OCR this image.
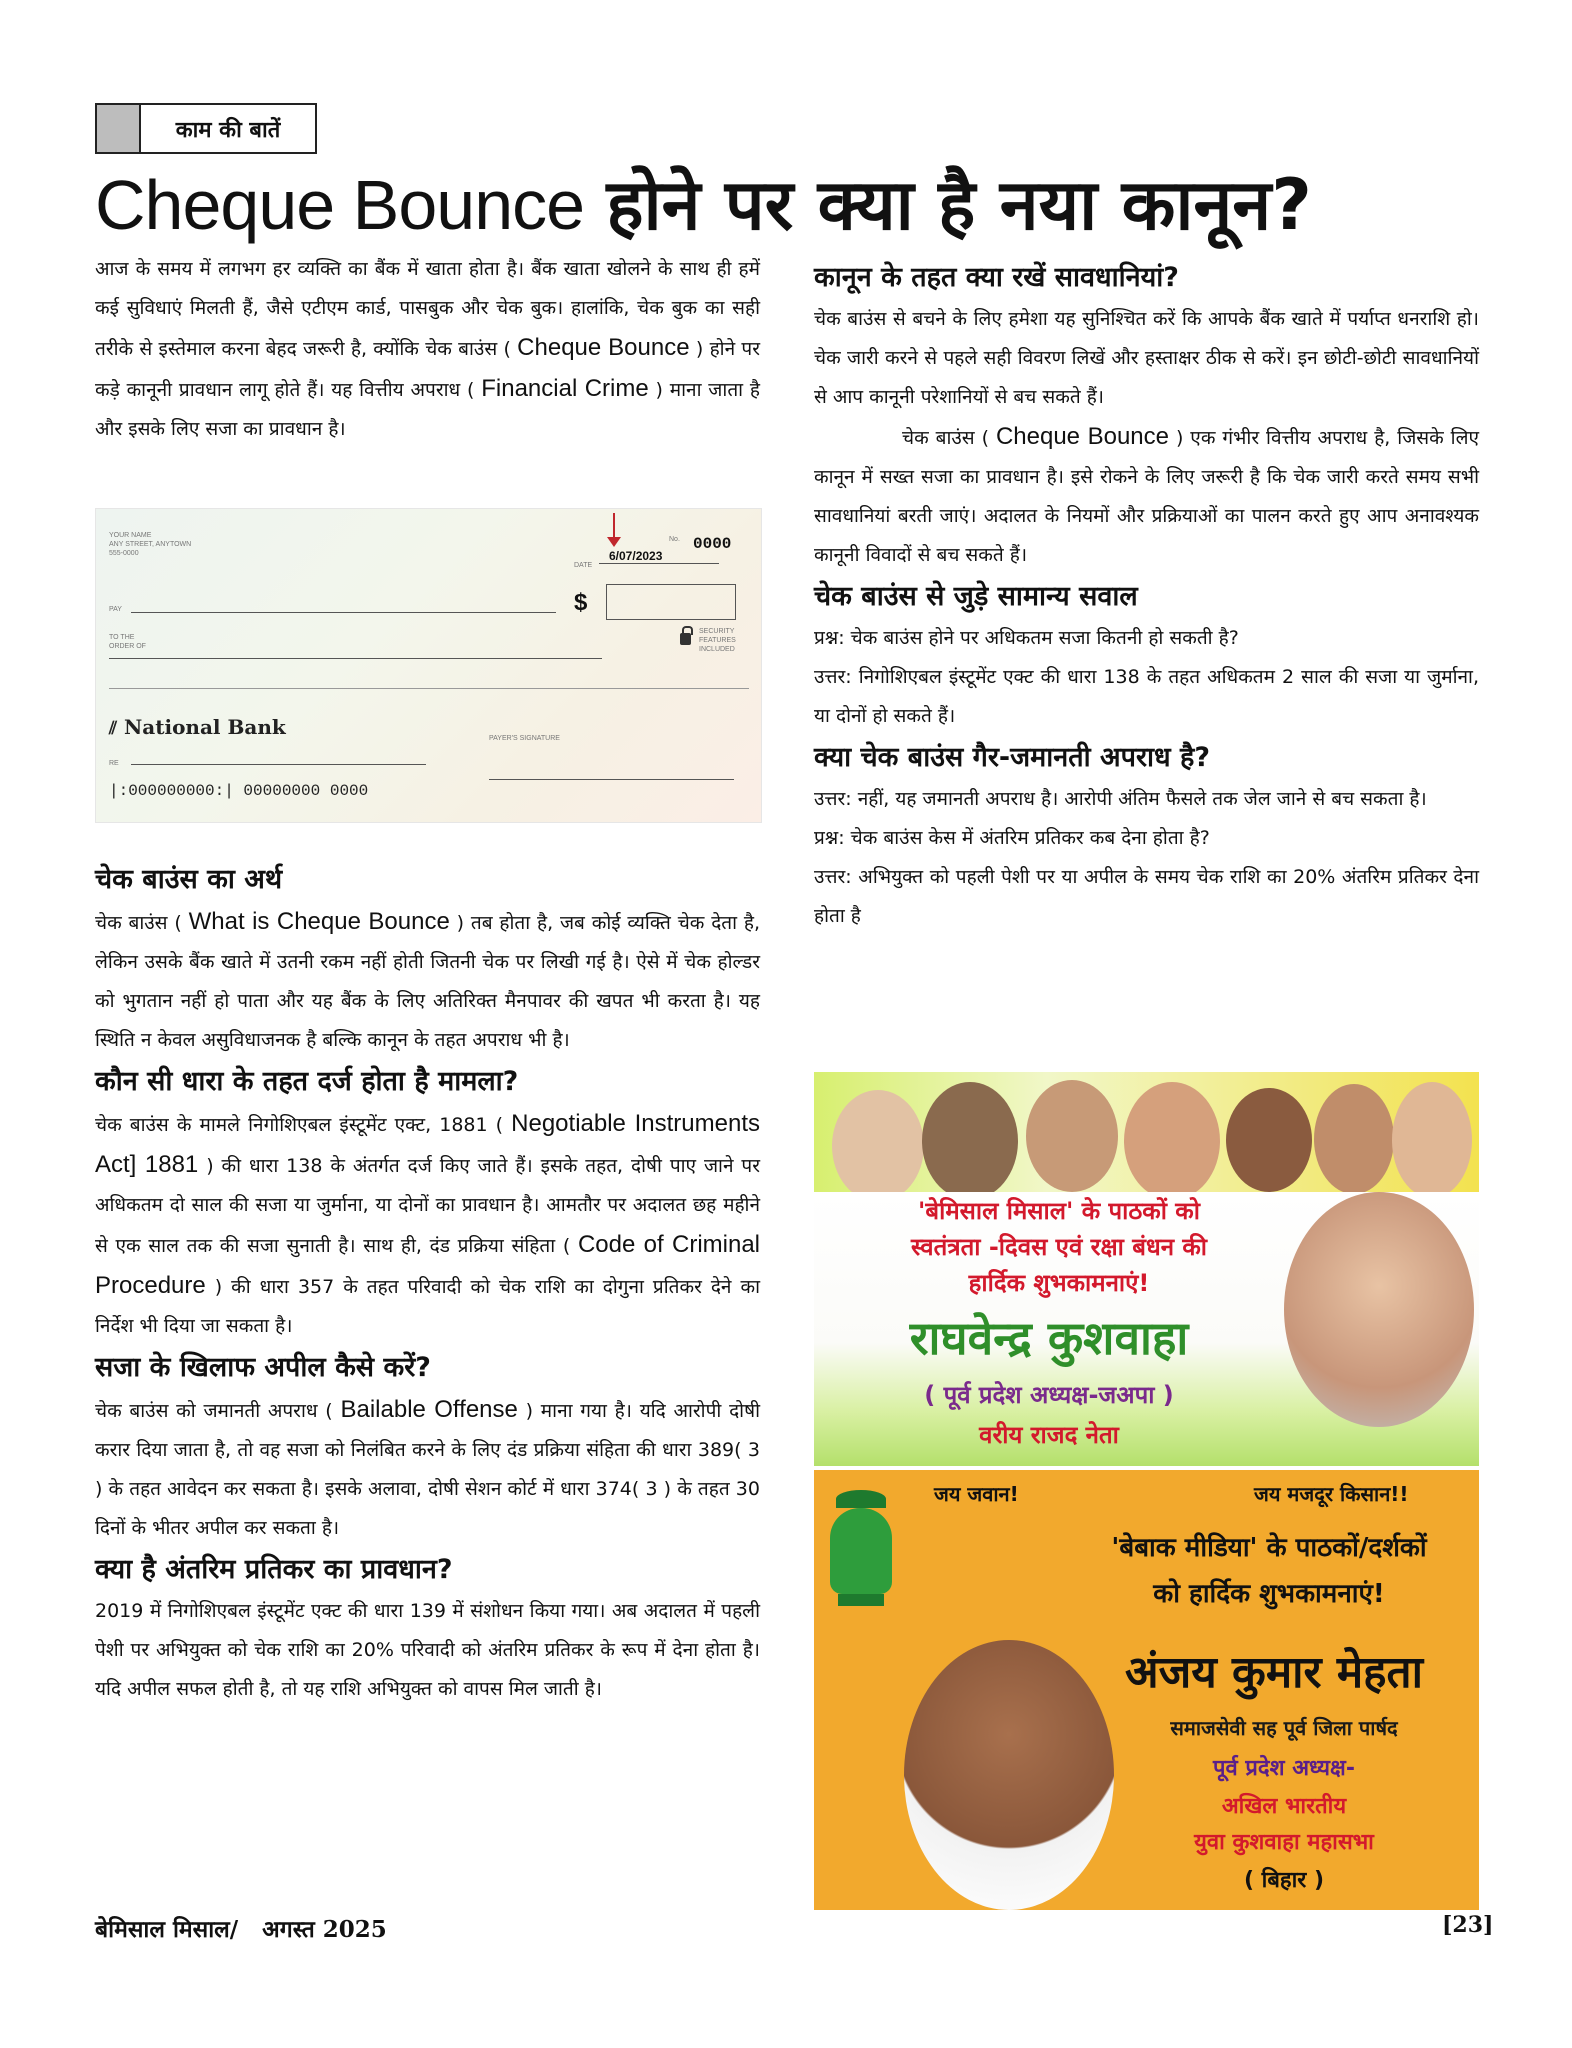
काम की बातें
Cheque Bounce होने पर क्या है नया कानून?

आज के समय में लगभग हर व्यक्ति का बैंक में खाता होता है। बैंक खाता खोलने के साथ ही हमें कई सुविधाएं मिलती हैं, जैसे एटीएम कार्ड, पासबुक और चेक बुक। हालांकि, चेक बुक का सही तरीके से इस्तेमाल करना बेहद जरूरी है, क्योंकि चेक बाउंस ( Cheque Bounce ) होने पर कड़े कानूनी प्रावधान लागू होते हैं। यह वित्तीय अपराध ( Financial Crime ) माना जाता है और इसके लिए सजा का प्रावधान है।

YOUR NAME
ANY STREET, ANYTOWN
555-0000
No. 0000
6/07/2023
DATE
PAY	$
TO THE
ORDER OF
SECURITY
FEATURES
INCLUDED
⫽ National Bank	PAYER'S SIGNATURE
RE
|:000000000:| 00000000 0000
चेक बाउंस का अर्थ

चेक बाउंस ( What is Cheque Bounce ) तब होता है, जब कोई व्यक्ति चेक देता है, लेकिन उसके बैंक खाते में उतनी रकम नहीं होती जितनी चेक पर लिखी गई है। ऐसे में चेक होल्डर को भुगतान नहीं हो पाता और यह बैंक के लिए अतिरिक्त मैनपावर की खपत भी करता है। यह स्थिति न केवल असुविधाजनक है बल्कि कानून के तहत अपराध भी है।

कौन सी धारा के तहत दर्ज होता है मामला?

चेक बाउंस के मामले निगोशिएबल इंस्टूमेंट एक्ट, 1881 ( Negotiable Instruments Act] 1881 ) की धारा 138 के अंतर्गत दर्ज किए जाते हैं। इसके तहत, दोषी पाए जाने पर अधिकतम दो साल की सजा या जुर्माना, या दोनों का प्रावधान है। आमतौर पर अदालत छह महीने से एक साल तक की सजा सुनाती है। साथ ही, दंड प्रक्रिया संहिता ( Code of Criminal Procedure ) की धारा 357 के तहत परिवादी को चेक राशि का दोगुना प्रतिकर देने का निर्देश भी दिया जा सकता है।

सजा के खिलाफ अपील कैसे करें?

चेक बाउंस को जमानती अपराध ( Bailable Offense ) माना गया है। यदि आरोपी दोषी करार दिया जाता है, तो वह सजा को निलंबित करने के लिए दंड प्रक्रिया संहिता की धारा 389( 3 ) के तहत आवेदन कर सकता है। इसके अलावा, दोषी सेशन कोर्ट में धारा 374( 3 ) के तहत 30 दिनों के भीतर अपील कर सकता है।

क्या है अंतरिम प्रतिकर का प्रावधान?

2019 में निगोशिएबल इंस्टूमेंट एक्ट की धारा 139 में संशोधन किया गया। अब अदालत में पहली पेशी पर अभियुक्त को चेक राशि का 20% परिवादी को अंतरिम प्रतिकर के रूप में देना होता है। यदि अपील सफल होती है, तो यह राशि अभियुक्त को वापस मिल जाती है।

कानून के तहत क्या रखें सावधानियां?

चेक बाउंस से बचने के लिए हमेशा यह सुनिश्चित करें कि आपके बैंक खाते में पर्याप्त धनराशि हो। चेक जारी करने से पहले सही विवरण लिखें और हस्ताक्षर ठीक से करें। इन छोटी-छोटी सावधानियों से आप कानूनी परेशानियों से बच सकते हैं।

चेक बाउंस ( Cheque Bounce ) एक गंभीर वित्तीय अपराध है, जिसके लिए कानून में सख्त सजा का प्रावधान है। इसे रोकने के लिए जरूरी है कि चेक जारी करते समय सभी सावधानियां बरती जाएं। अदालत के नियमों और प्रक्रियाओं का पालन करते हुए आप अनावश्यक कानूनी विवादों से बच सकते हैं।

चेक बाउंस से जुड़े सामान्य सवाल

प्रश्न: चेक बाउंस होने पर अधिकतम सजा कितनी हो सकती है?

उत्तर: निगोशिएबल इंस्टूमेंट एक्ट की धारा 138 के तहत अधिकतम 2 साल की सजा या जुर्माना, या दोनों हो सकते हैं।

क्या चेक बाउंस गैर-जमानती अपराध है?

उत्तर: नहीं, यह जमानती अपराध है। आरोपी अंतिम फैसले तक जेल जाने से बच सकता है।

प्रश्न: चेक बाउंस केस में अंतरिम प्रतिकर कब देना होता है?

उत्तर: अभियुक्त को पहली पेशी पर या अपील के समय चेक राशि का 20% अंतरिम प्रतिकर देना होता है

'बेमिसाल मिसाल' के पाठकों को
स्वतंत्रता -दिवस एवं रक्षा बंधन की
हार्दिक शुभकामनाएं!
राघवेन्द्र कुशवाहा
( पूर्व प्रदेश अध्यक्ष-जअपा )
वरीय राजद नेता
जय जवान!	जय मजदूर किसान!!
'बेबाक मीडिया' के पाठकों/दर्शकों
को हार्दिक शुभकामनाएं!
अंजय कुमार मेहता
समाजसेवी सह पूर्व जिला पार्षद
पूर्व प्रदेश अध्यक्ष-
अखिल भारतीय
युवा कुशवाहा महासभा
( बिहार )
बेमिसाल मिसाल/   अगस्त 2025	[23]
